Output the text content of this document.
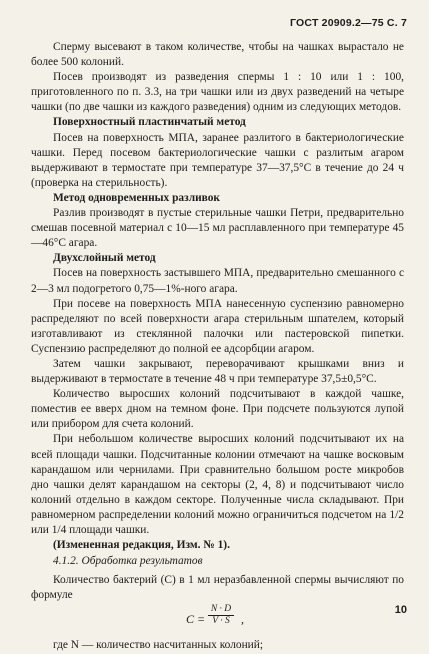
ГОСТ 20909.2—75 С. 7

Сперму высевают в таком количестве, чтобы на чашках вырастало не более 500 колоний.

Посев производят из разведения спермы 1 : 10 или 1 : 100, приготовленного по п. 3.3, на три чашки или из двух разведений на четыре чашки (по две чашки из каждого разведения) одним из следующих методов.

Поверхностный пластинчатый метод

Посев на поверхность МПА, заранее разлитого в бактериологические чашки. Перед посевом бактериологические чашки с разлитым агаром выдерживают в термостате при температуре 37—37,5°С в течение до 24 ч (проверка на стерильность).

Метод одновременных разливок

Разлив производят в пустые стерильные чашки Петри, предварительно смешав посевной материал с 10—15 мл расплавленного при температуре 45—46°С агара.

Двухслойный метод

Посев на поверхность застывшего МПА, предварительно смешанного с 2—3 мл подогретого 0,75—1%-ного агара.

При посеве на поверхность МПА нанесенную суспензию равномерно распределяют по всей поверхности агара стерильным шпателем, который изготавливают из стеклянной палочки или пастеровской пипетки. Суспензию распределяют до полной ее адсорбции агаром.

Затем чашки закрывают, переворачивают крышками вниз и выдерживают в термостате в течение 48 ч при температуре 37,5±0,5°С.

Количество выросших колоний подсчитывают в каждой чашке, поместив ее вверх дном на темном фоне. При подсчете пользуются лупой или прибором для счета колоний.

При небольшом количестве выросших колоний подсчитывают их на всей площади чашки. Подсчитанные колонии отмечают на чашке восковым карандашом или чернилами. При сравнительно большом росте микробов дно чашки делят карандашом на секторы (2, 4, 8) и подсчитывают число колоний отдельно в каждом секторе. Полученные числа складывают. При равномерном распределении колоний можно ограничиться подсчетом на 1/2 или 1/4 площади чашки.

(Измененная редакция, Изм. № 1).

4.1.2. Обработка результатов

Количество бактерий (С) в 1 мл неразбавленной спермы вычисляют по формуле

$С = \frac{N \cdot D}{V \cdot S}$ ,

где N — количество насчитанных колоний;

10
